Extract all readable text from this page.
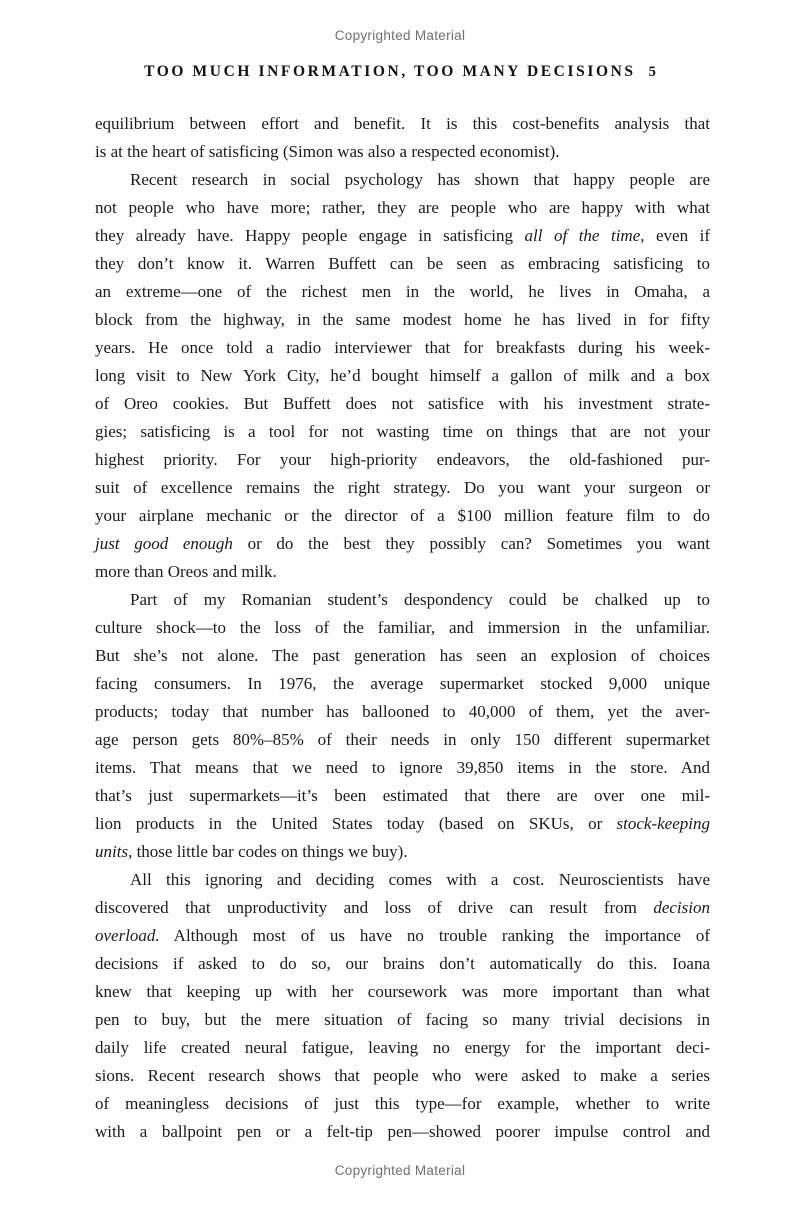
Copyrighted Material
TOO MUCH INFORMATION, TOO MANY DECISIONS 5
equilibrium between effort and benefit. It is this cost-benefits analysis that
is at the heart of satisficing (Simon was also a respected economist).
Recent research in social psychology has shown that happy people are
not people who have more; rather, they are people who are happy with what
they already have. Happy people engage in satisficing all of the time, even if
they don’t know it. Warren Buffett can be seen as embracing satisficing to
an extreme—one of the richest men in the world, he lives in Omaha, a
block from the highway, in the same modest home he has lived in for fifty
years. He once told a radio interviewer that for breakfasts during his week-
long visit to New York City, he’d bought himself a gallon of milk and a box
of Oreo cookies. But Buffett does not satisfice with his investment strate-
gies; satisficing is a tool for not wasting time on things that are not your
highest priority. For your high-priority endeavors, the old-fashioned pur-
suit of excellence remains the right strategy. Do you want your surgeon or
your airplane mechanic or the director of a $100 million feature film to do
just good enough or do the best they possibly can? Sometimes you want
more than Oreos and milk.
Part of my Romanian student’s despondency could be chalked up to
culture shock—to the loss of the familiar, and immersion in the unfamiliar.
But she’s not alone. The past generation has seen an explosion of choices
facing consumers. In 1976, the average supermarket stocked 9,000 unique
products; today that number has ballooned to 40,000 of them, yet the aver-
age person gets 80%–85% of their needs in only 150 different supermarket
items. That means that we need to ignore 39,850 items in the store. And
that’s just supermarkets—it’s been estimated that there are over one mil-
lion products in the United States today (based on SKUs, or stock-keeping
units, those little bar codes on things we buy).
All this ignoring and deciding comes with a cost. Neuroscientists have
discovered that unproductivity and loss of drive can result from decision
overload. Although most of us have no trouble ranking the importance of
decisions if asked to do so, our brains don’t automatically do this. Ioana
knew that keeping up with her coursework was more important than what
pen to buy, but the mere situation of facing so many trivial decisions in
daily life created neural fatigue, leaving no energy for the important deci-
sions. Recent research shows that people who were asked to make a series
of meaningless decisions of just this type—for example, whether to write
with a ballpoint pen or a felt-tip pen—showed poorer impulse control and
Copyrighted Material
